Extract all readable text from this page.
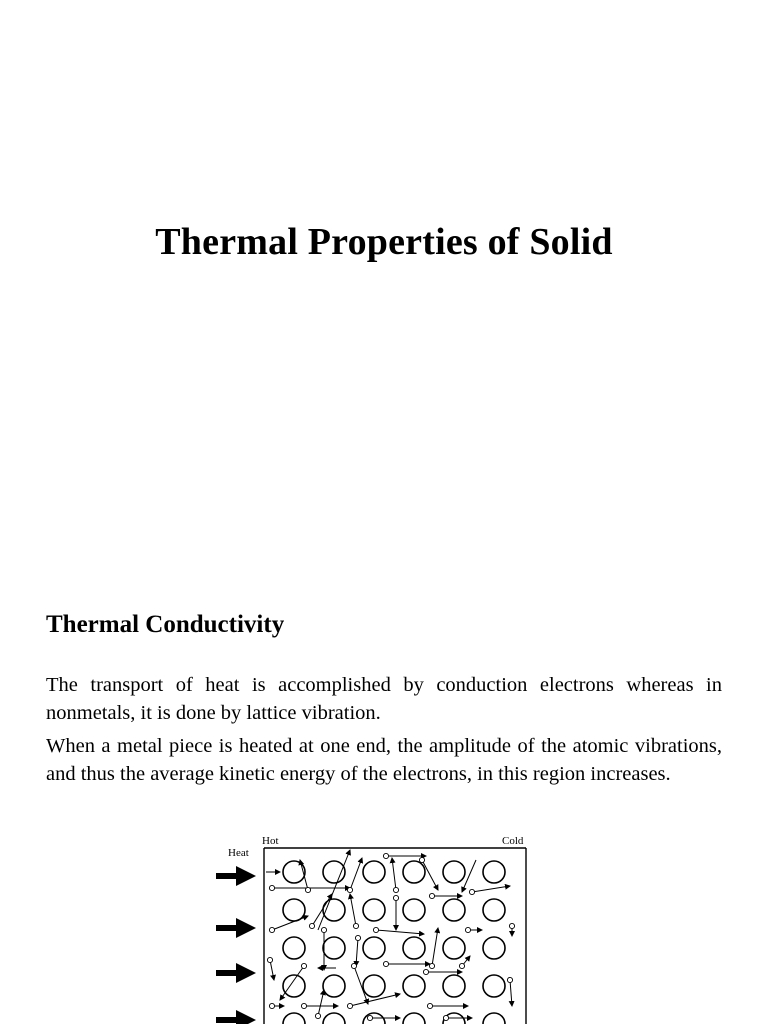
Thermal Properties of Solid
Thermal Conductivity

The transport of heat is accomplished by conduction electrons whereas in nonmetals, it is done by lattice vibration.

When a metal piece is heated at one end, the amplitude of the atomic vibrations, and thus the average kinetic energy of the electrons, in this region increases.

Heat
Hot	Cold
